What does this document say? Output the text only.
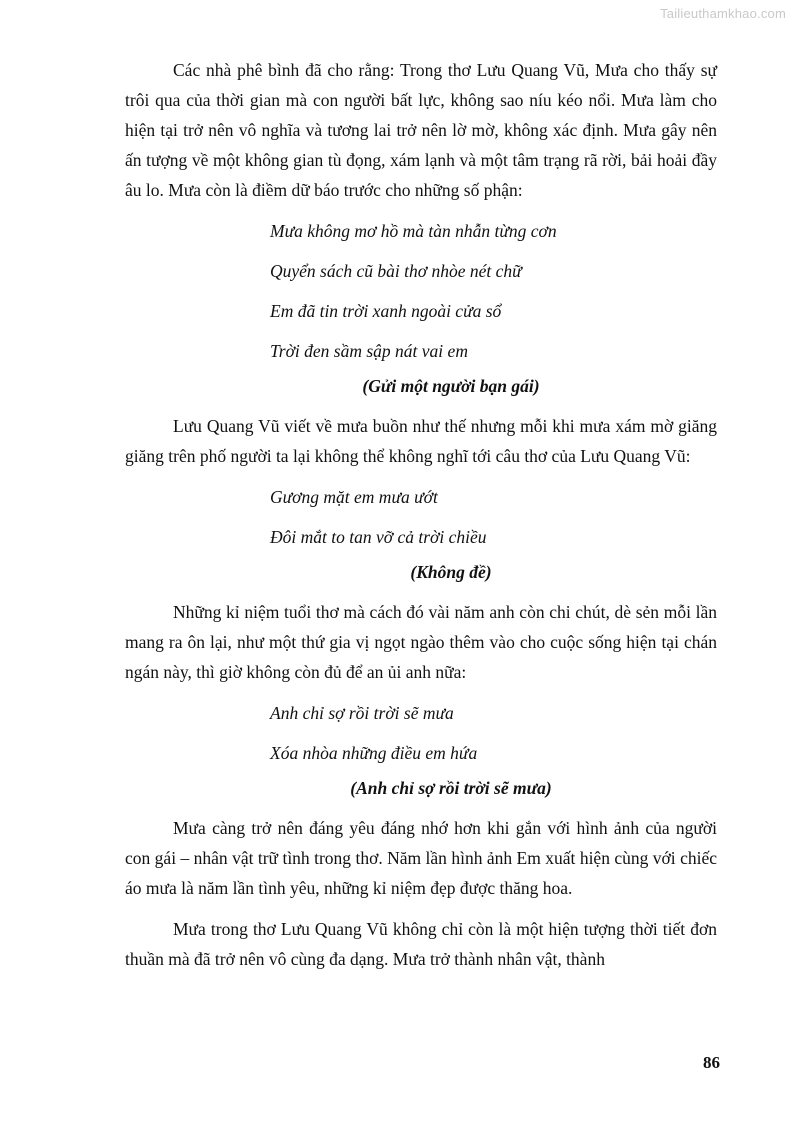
Tailieuthamkhao.com

Các nhà phê bình đã cho rằng: Trong thơ Lưu Quang Vũ, Mưa cho thấy sự trôi qua của thời gian mà con người bất lực, không sao níu kéo nổi. Mưa làm cho hiện tại trở nên vô nghĩa và tương lai trở nên lờ mờ, không xác định. Mưa gây nên ấn tượng về một không gian tù đọng, xám lạnh và một tâm trạng rã rời, bải hoải đầy âu lo. Mưa còn là điềm dữ báo trước cho những số phận:

Mưa không mơ hồ mà tàn nhẫn từng cơn
Quyển sách cũ bài thơ nhòe nét chữ
Em đã tin trời xanh ngoài cửa sổ
Trời đen sầm sập nát vai em
(Gửi một người bạn gái)

Lưu Quang Vũ viết về mưa buồn như thế nhưng mỗi khi mưa xám mờ giăng giăng trên phố người ta lại không thể không nghĩ tới câu thơ của Lưu Quang Vũ:

Gương mặt em mưa ướt
Đôi mắt to tan vỡ cả trời chiều
(Không đề)

Những kỉ niệm tuổi thơ mà cách đó vài năm anh còn chi chút, dè sẻn mỗi lần mang ra ôn lại, như một thứ gia vị ngọt ngào thêm vào cho cuộc sống hiện tại chán ngán này, thì giờ không còn đủ để an ủi anh nữa:

Anh chỉ sợ rồi trời sẽ mưa
Xóa nhòa những điều em hứa
(Anh chỉ sợ rồi trời sẽ mưa)

Mưa càng trở nên đáng yêu đáng nhớ hơn khi gắn với hình ảnh của người con gái – nhân vật trữ tình trong thơ. Năm lần hình ảnh Em xuất hiện cùng với chiếc áo mưa là năm lần tình yêu, những kỉ niệm đẹp được thăng hoa.

Mưa trong thơ Lưu Quang Vũ không chỉ còn là một hiện tượng thời tiết đơn thuần mà đã trở nên vô cùng đa dạng. Mưa trở thành nhân vật, thành

86
